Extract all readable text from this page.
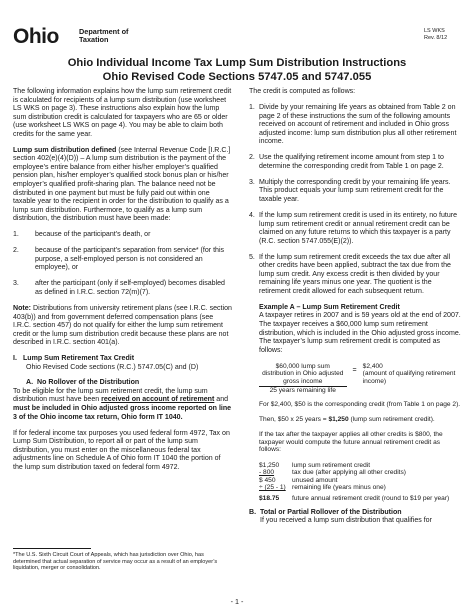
Ohio	Department of
Taxation
LS WKS
Rev. 8/12
Ohio Individual Income Tax Lump Sum Distribution Instructions
Ohio Revised Code Sections 5747.05 and 5747.055

The following information explains how the lump sum retirement credit is calculated for recipients of a lump sum distribution (use worksheet LS WKS on page 3). These instructions also explain how the lump sum distribution credit is calculated for taxpayers who are 65 or older (use worksheet LS WKS on page 4). You may be able to claim both credits for the same year.

Lump sum distribution defined (see Internal Revenue Code [I.R.C.] section 402(e)(4)(D)) – A lump sum distribution is the payment of the employee’s entire balance from either his/her employer’s qualified pension plan, his/her employer’s qualified stock bonus plan or his/her employer’s qualified profit-sharing plan. The balance need not be distributed in one payment but must be fully paid out within one taxable year to the recipient in order for the distribution to qualify as a lump sum distribution. Furthermore, to qualify as a lump sum distribution, the distribution must have been made:

1.	because of the participant’s death, or
2.	because of the participant’s separation from service* (for this purpose, a self-employed person is not considered an employee), or
3.	after the participant (only if self-employed) becomes disabled as defined in I.R.C. section 72(m)(7).

Note: Distributions from university retirement plans (see I.R.C. section 403(b)) and from government deferred compensation plans (see I.R.C. section 457) do not qualify for either the lump sum retirement credit or the lump sum distribution credit because these plans are not described in I.R.C. section 401(a).

I. Lump Sum Retirement Tax Credit
Ohio Revised Code sections (R.C.) 5747.05(C) and (D)
A. No Rollover of the Distribution

To be eligible for the lump sum retirement credit, the lump sum distribution must have been received on account of retirement and must be included in Ohio adjusted gross income reported on line 3 of the Ohio income tax return, Ohio form IT 1040.

If for federal income tax purposes you used federal form 4972, Tax on Lump Sum Distribution, to report all or part of the lump sum distribution, you must enter on the miscellaneous federal tax adjustments line on Schedule A of Ohio form IT 1040 the portion of the lump sum distribution taxed on federal form 4972.

*The U.S. Sixth Circuit Court of Appeals, which has jurisdiction over Ohio, has determined that actual separation of service may occur as a result of an employer’s liquidation, merger or consolidation.

The credit is computed as follows:

1. Divide by your remaining life years as obtained from Table 2 on page 2 of these instructions the sum of the following amounts received on account of retirement and included in Ohio gross adjusted income: lump sum distribution plus all other retirement income.
2. Use the qualifying retirement income amount from step 1 to determine the corresponding credit from Table 1 on page 2.
3. Multiply the corresponding credit by your remaining life years. This product equals your lump sum retirement credit for the taxable year.
4. If the lump sum retirement credit is used in its entirety, no future lump sum retirement credit or annual retirement credit can be claimed on any future returns to which this taxpayer is a party (R.C. section 5747.055(E)(2)).
5. If the lump sum retirement credit exceeds the tax due after all other credits have been applied, subtract the tax due from the lump sum credit. Any excess credit is then divided by your remaining life years minus one year. The quotient is the retirement credit allowed for each subsequent return.
Example A – Lump Sum Retirement Credit

A taxpayer retires in 2007 and is 59 years old at the end of 2007. The taxpayer receives a $60,000 lump sum retirement distribution, which is included in the Ohio adjusted gross income. The taxpayer’s lump sum retirement credit is computed as follows:

$\frac{\text{\$60,000 lump sum distribution in Ohio adjusted gross income}}{\text{25 years remaining life}}$ =
$2,400
(amount of qualifying retirement income)

For $2,400, $50 is the corresponding credit (from Table 1 on page 2).

Then, $50 x 25 years = $1,250 (lump sum retirement credit).

If the tax after the taxpayer applies all other credits is $800, the taxpayer would compute the future annual retirement credit as follows:

$1,250	lump sum retirement credit
- 800	tax due (after applying all other credits)
$ 450	unused amount
÷ (25 - 1) remaining life (years minus one)
$18.75	future annual retirement credit (round to $19 per year)
B. Total or Partial Rollover of the Distribution
If you received a lump sum distribution that qualifies for
- 1 -
